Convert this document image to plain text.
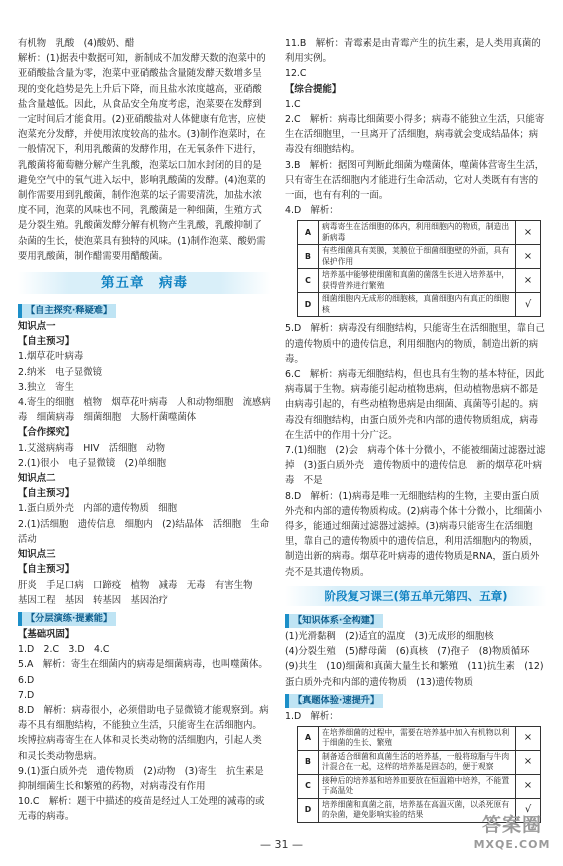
有机物　乳酸　(4)酸奶、醋

解析：(1)据表中数据可知，新制成不加发酵天数的泡菜中的亚硝酸盐含量为零，泡菜中亚硝酸盐含量随发酵天数增多呈现的变化趋势是先上升后下降，而且盐水浓度越高，亚硝酸盐含量越低。因此，从食品安全角度考虑，泡菜要在发酵到一定时间后才能食用。(2)亚硝酸盐对人体健康有危害，应使泡菜充分发酵，并使用浓度较高的盐水。(3)制作泡菜时，在一般情况下，利用乳酸菌的发酵作用，在无氧条件下进行，乳酸菌将葡萄糖分解产生乳酸，泡菜坛口加水封闭的目的是避免空气中的氧气进入坛中，影响乳酸菌的发酵。(4)泡菜的制作需要用到乳酸菌，制作泡菜的坛子需要清洗，加盐水浓度不同，泡菜的风味也不同，乳酸菌是一种细菌，生殖方式是分裂生殖。乳酸菌发酵分解有机物产生乳酸，乳酸抑制了杂菌的生长，使泡菜具有独特的风味。(1)制作泡菜、酸奶需要用乳酸菌，制作醋需要用醋酸菌。

第五章　病毒
【自主探究·释疑难】

知识点一

【自主预习】

1.烟草花叶病毒

2.纳米　电子显微镜

3.独立　寄生

4.寄生的细胞　植物　烟草花叶病毒　人和动物细胞　流感病毒　细菌病毒　细菌细胞　大肠杆菌噬菌体

【合作探究】

1.艾滋病病毒　HIV　活细胞　动物

2.(1)很小　电子显微镜　(2)单细胞

知识点二

【自主预习】

1.蛋白质外壳　内部的遗传物质　细胞

2.(1)活细胞　遗传信息　细胞内　(2)结晶体　活细胞　生命活动

知识点三

【自主预习】

肝炎　手足口病　口蹄疫　植物　减毒　无毒　有害生物　基因工程　基因　转基因　基因治疗

【分层演练·提素能】

【基础巩固】

1.D　2.C　3.D　4.C

5.A　解析：寄生在细菌内的病毒是细菌病毒，也叫噬菌体。

6.D

7.D

8.D　解析：病毒很小，必须借助电子显微镜才能观察到。病毒不具有细胞结构，不能独立生活，只能寄生在活细胞内。埃博拉病毒寄生在人体和灵长类动物的活细胞内，引起人类和灵长类动物患病。

9.(1)蛋白质外壳　遗传物质　(2)动物　(3)寄生　抗生素是抑制细菌生长和繁殖的药物，对病毒没有作用

10.C　解析：题干中描述的疫苗是经过人工处理的减毒的或无毒的病毒。

11.B　解析：青霉素是由青霉产生的抗生素，是人类用真菌的利用实例。

12.C

【综合提能】

1.C

2.C　解析：病毒比细菌要小得多；病毒不能独立生活，只能寄生在活细胞里，一旦离开了活细胞，病毒就会变成结晶体；病毒没有细胞结构。

3.B　解析：据图可判断此细菌为噬菌体，噬菌体营寄生生活，只有寄生在活细胞内才能进行生命活动，它对人类既有有害的一面，也有有利的一面。

4.D　解析：

A	病毒寄生在活细胞的体内，利用细胞内的物质，制造出新病毒	×
B	有些细菌具有荚膜，荚膜位于细菌细胞壁的外面，具有保护作用	×
C	培养基中能够使细菌和真菌的菌落生长进入培养基中，获得营养进行繁殖	×
D	细菌细胞内无成形的细胞核，真菌细胞内有真正的细胞核	√

5.D　解析：病毒没有细胞结构，只能寄生在活细胞里，靠自己的遗传物质中的遗传信息，利用细胞内的物质，制造出新的病毒。

6.C　解析：病毒无细胞结构，但也具有生物的基本特征，因此病毒属于生物。病毒能引起动植物患病，但动植物患病不都是由病毒引起的，有些动植物患病是由细菌、真菌等引起的。病毒没有细胞结构，由蛋白质外壳和内部的遗传物质组成，病毒在生活中的作用十分广泛。

7.(1)细胞　(2)会　病毒个体十分微小，不能被细菌过滤器过滤掉　(3)蛋白质外壳　遗传物质中的遗传信息　新的烟草花叶病毒　不是

8.D　解析：(1)病毒是唯一无细胞结构的生物，主要由蛋白质外壳和内部的遗传物质构成。(2)病毒个体十分微小，比细菌小得多，能通过细菌过滤器过滤掉。(3)病毒只能寄生在活细胞里，靠自己的遗传物质中的遗传信息，利用活细胞内的物质，制造出新的病毒。烟草花叶病毒的遗传物质是RNA，蛋白质外壳不是其遗传物质。

阶段复习课三(第五单元第四、五章)
【知识体系·全构建】

(1)光滑黏稠　(2)适宜的温度　(3)无成形的细胞核

(4)分裂生殖　(5)酵母菌　(6)真核　(7)孢子　(8)物质循环　(9)共生　(10)细菌和真菌大量生长和繁殖　(11)抗生素　(12)蛋白质外壳和内部的遗传物质　(13)遗传物质

【真题体验·速提升】

1.D　解析：

A	在培养细菌的过程中，需要在培养基中加入有机物以利于细菌的生长、繁殖	×
B	制备适合细菌和真菌生活的培养基，一般将琼脂与牛肉汁混合在一起，这样的培养基是固态的，便于观察	×
C	接种后的培养基和培养皿要放在恒温箱中培养，不能置于高温处	×
D	培养细菌和真菌之前，培养基在高温灭菌，以杀死原有的杂菌，避免影响实验的结果	√
— 31 —
答案圈
MXQE.COM
